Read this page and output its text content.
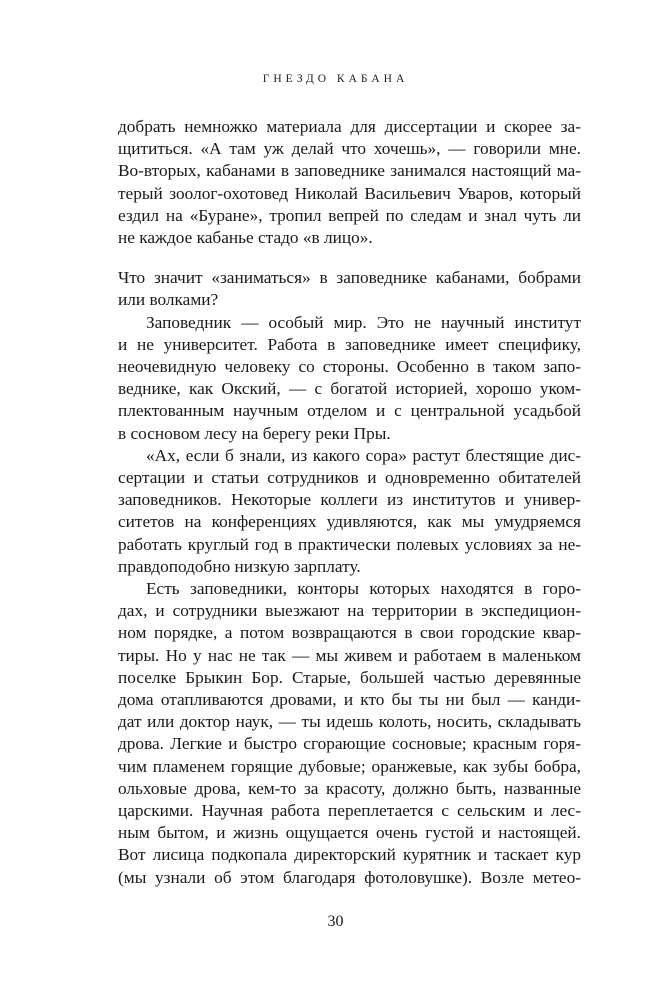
ГНЕЗДО КАБАНА
добрать немножко материала для диссертации и скорее за-
щититься. «А там уж делай что хочешь», — говорили мне.
Во-вторых, кабанами в заповеднике занимался настоящий ма-
терый зоолог-охотовед Николай Васильевич Уваров, который
ездил на «Буране», тропил вепрей по следам и знал чуть ли
не каждое кабанье стадо «в лицо».
Что значит «заниматься» в заповеднике кабанами, бобрами
или волками?
Заповедник — особый мир. Это не научный институт
и не университет. Работа в заповеднике имеет специфику,
неочевидную человеку со стороны. Особенно в таком запо-
веднике, как Окский, — с богатой историей, хорошо уком-
плектованным научным отделом и с центральной усадьбой
в сосновом лесу на берегу реки Пры.
«Ах, если б знали, из какого сора» растут блестящие дис-
сертации и статьи сотрудников и одновременно обитателей
заповедников. Некоторые коллеги из институтов и универ-
ситетов на конференциях удивляются, как мы умудряемся
работать круглый год в практически полевых условиях за не-
правдоподобно низкую зарплату.
Есть заповедники, конторы которых находятся в горо-
дах, и сотрудники выезжают на территории в экспедицион-
ном порядке, а потом возвращаются в свои городские квар-
тиры. Но у нас не так — мы живем и работаем в маленьком
поселке Брыкин Бор. Старые, большей частью деревянные
дома отапливаются дровами, и кто бы ты ни был — канди-
дат или доктор наук, — ты идешь колоть, носить, складывать
дрова. Легкие и быстро сгорающие сосновые; красным горя-
чим пламенем горящие дубовые; оранжевые, как зубы бобра,
ольховые дрова, кем-то за красоту, должно быть, названные
царскими. Научная работа переплетается с сельским и лес-
ным бытом, и жизнь ощущается очень густой и настоящей.
Вот лисица подкопала директорский курятник и таскает кур
(мы узнали об этом благодаря фотоловушке). Возле метео-
30
